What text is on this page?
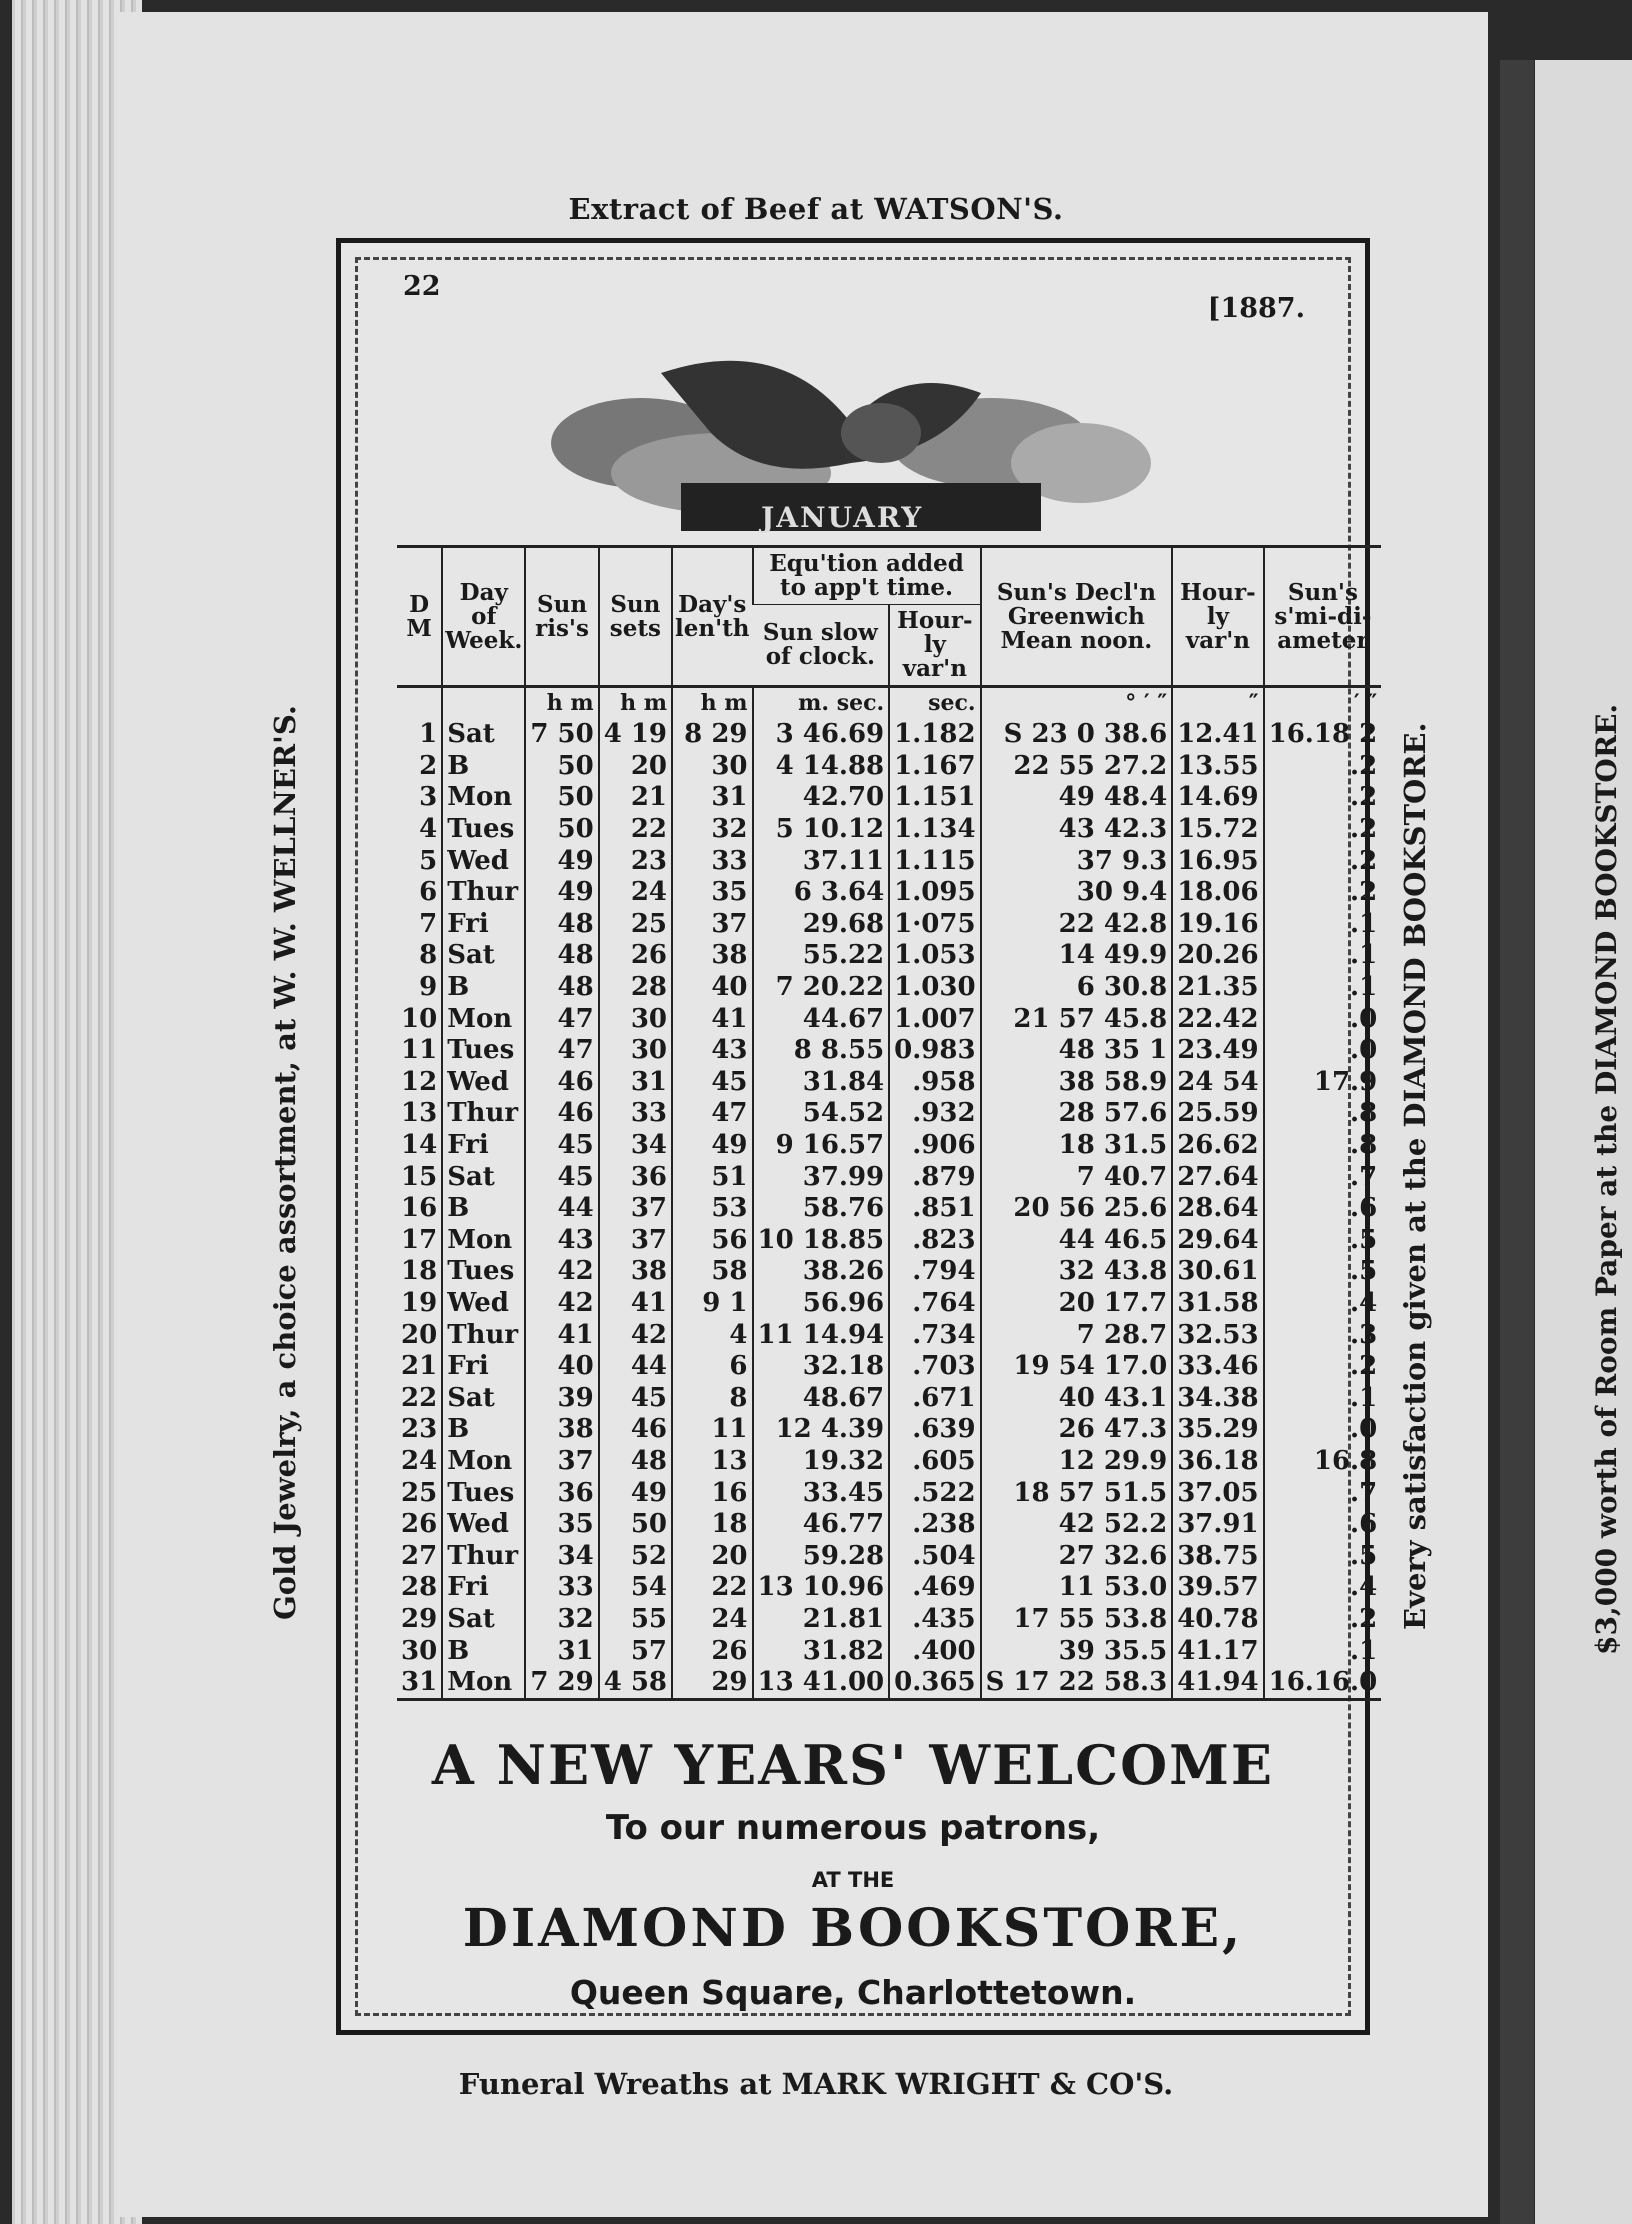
Extract of Beef at WATSON'S.
Funeral Wreaths at MARK WRIGHT & CO'S.
Gold Jewelry, a choice assortment, at W. W. WELLNER'S.	Every satisfaction given at the DIAMOND BOOKSTORE.	$3,000 worth of Room Paper at the DIAMOND BOOKSTORE.
22
[1887.
JANUARY
D M	Day of Week.	Sun ris's	Sun sets	Day's len'th	Equ'tion added to app't time.		Sun's Decl'n Greenwich Mean noon.	Hour-ly var'n	Sun's s'mi-di-ameter
					Sun slow of clock.	Hour-ly var'n			
		h m	h m	h m	m. sec.	sec.	° ′ ″	″	′ ″
1	Sat	7 50	4 19	8 29	3 46.69	1.182	S 23 0 38.6	12.41	16.18 2
2	B	50	20	30	4 14.88	1.167	22 55 27.2	13.55	.2
3	Mon	50	21	31	42.70	1.151	49 48.4	14.69	.2
4	Tues	50	22	32	5 10.12	1.134	43 42.3	15.72	.2
5	Wed	49	23	33	37.11	1.115	37 9.3	16.95	.2
6	Thur	49	24	35	6 3.64	1.095	30 9.4	18.06	.2
7	Fri	48	25	37	29.68	1·075	22 42.8	19.16	.1
8	Sat	48	26	38	55.22	1.053	14 49.9	20.26	.1
9	B	48	28	40	7 20.22	1.030	6 30.8	21.35	.1
10	Mon	47	30	41	44.67	1.007	21 57 45.8	22.42	.0
11	Tues	47	30	43	8 8.55	0.983	48 35 1	23.49	.0
12	Wed	46	31	45	31.84	.958	38 58.9	24 54	17.9
13	Thur	46	33	47	54.52	.932	28 57.6	25.59	.8
14	Fri	45	34	49	9 16.57	.906	18 31.5	26.62	.8
15	Sat	45	36	51	37.99	.879	7 40.7	27.64	.7
16	B	44	37	53	58.76	.851	20 56 25.6	28.64	.6
17	Mon	43	37	56	10 18.85	.823	44 46.5	29.64	.5
18	Tues	42	38	58	38.26	.794	32 43.8	30.61	.5
19	Wed	42	41	9 1	56.96	.764	20 17.7	31.58	.4
20	Thur	41	42	4	11 14.94	.734	7 28.7	32.53	.3
21	Fri	40	44	6	32.18	.703	19 54 17.0	33.46	.2
22	Sat	39	45	8	48.67	.671	40 43.1	34.38	.1
23	B	38	46	11	12 4.39	.639	26 47.3	35.29	.0
24	Mon	37	48	13	19.32	.605	12 29.9	36.18	16.8
25	Tues	36	49	16	33.45	.522	18 57 51.5	37.05	.7
26	Wed	35	50	18	46.77	.238	42 52.2	37.91	.6
27	Thur	34	52	20	59.28	.504	27 32.6	38.75	.5
28	Fri	33	54	22	13 10.96	.469	11 53.0	39.57	.4
29	Sat	32	55	24	21.81	.435	17 55 53.8	40.78	.2
30	B	31	57	26	31.82	.400	39 35.5	41.17	.1
31	Mon	7 29	4 58	29	13 41.00	0.365	S 17 22 58.3	41.94	16.16.0
A NEW YEARS' WELCOME
To our numerous patrons,
AT THE
DIAMOND BOOKSTORE,
Queen Square, Charlottetown.
